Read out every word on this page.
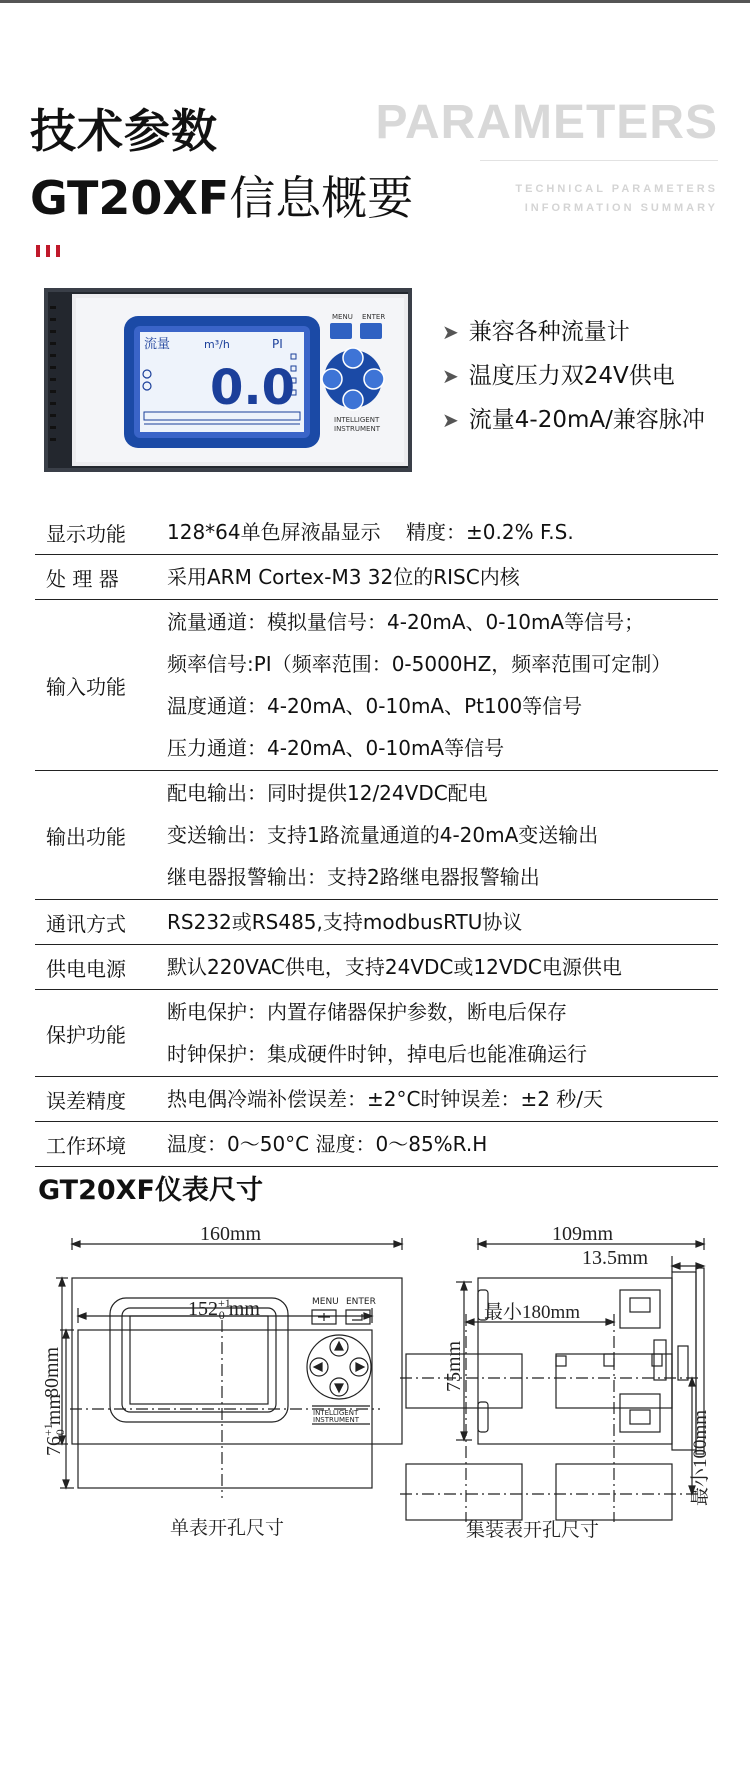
技术参数
GT20XF信息概要
PARAMETERS
TECHNICAL PARAMETERS
INFORMATION SUMMARY
流量	m³/h	PI
0.0
MENU ENTER
INTELLIGENT
INSTRUMENT
➤ 兼容各种流量计
➤ 温度压力双24V供电
➤ 流量4-20mA/兼容脉冲
显示功能	128*64单色屏液晶显示    精度：±0.2% F.S.

处 理 器	采用ARM Cortex-M3 32位的RISC内核

输入功能	流量通道：模拟量信号：4-20mA、0-10mA等信号；
频率信号:PI（频率范围：0-5000HZ，频率范围可定制）
温度通道：4-20mA、0-10mA、Pt100等信号
压力通道：4-20mA、0-10mA等信号

输出功能	配电输出：同时提供12/24VDC配电
变送输出：支持1路流量通道的4-20mA变送输出
继电器报警输出：支持2路继电器报警输出

通讯方式	RS232或RS485,支持modbusRTU协议

供电电源	默认220VAC供电，支持24VDC或12VDC电源供电

保护功能	断电保护：内置存储器保护参数，断电后保存
时钟保护：集成硬件时钟，掉电后也能准确运行

误差精度	热电偶冷端补偿误差：±2°C时钟误差：±2 秒/天

工作环境	温度：0～50°C 湿度：0～85%R.H
GT20XF仪表尺寸
160mm
MENU ENTER
INTELLIGENT
INSTRUMENT
80mm
109mm
13.5mm
75mm
$152^{+1}$ 0 mm
$76^{+1}0mm$
单表开孔尺寸
最小180mm
最小100mm
集装表开孔尺寸
